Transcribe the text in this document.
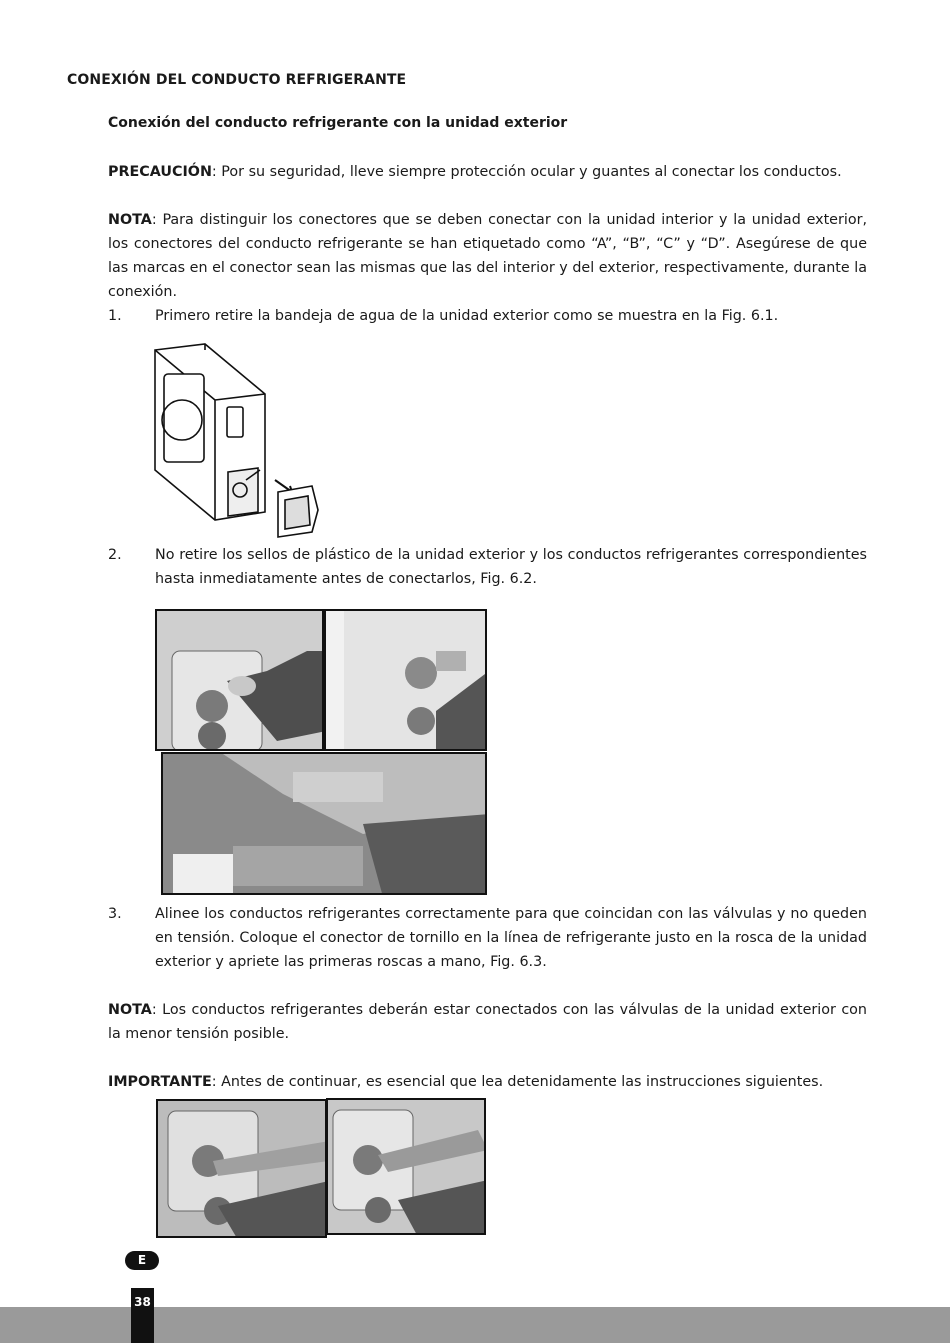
CONEXIÓN DEL CONDUCTO REFRIGERANTE
Conexión del conducto refrigerante con la unidad exterior
PRECAUCIÓN: Por su seguridad, lleve siempre protección ocular y guantes al conectar los conductos.
NOTA: Para distinguir los conectores que se deben conectar con la unidad interior y la unidad exterior, los conectores del conducto refrigerante se han etiquetado como “A”, “B”, “C” y “D”. Asegúrese de que las marcas en el conector sean las mismas que las del interior y del exterior, respectivamente, durante la conexión.
1. Primero retire la bandeja de agua de la unidad exterior como se muestra en la Fig. 6.1.
2. No retire los sellos de plástico de la unidad exterior y los conductos refrigerantes correspondientes hasta inmediatamente antes de conectarlos, Fig. 6.2.
3. Alinee los conductos refrigerantes correctamente para que coincidan con las válvulas y no queden en tensión. Coloque el conector de tornillo en la línea de refrigerante justo en la rosca de la unidad exterior y apriete las primeras roscas a mano, Fig. 6.3.
NOTA: Los conductos refrigerantes deberán estar conectados con las válvulas de la unidad exterior con la menor tensión posible.
IMPORTANTE: Antes de continuar, es esencial que lea detenidamente las instrucciones siguientes.
E
38
